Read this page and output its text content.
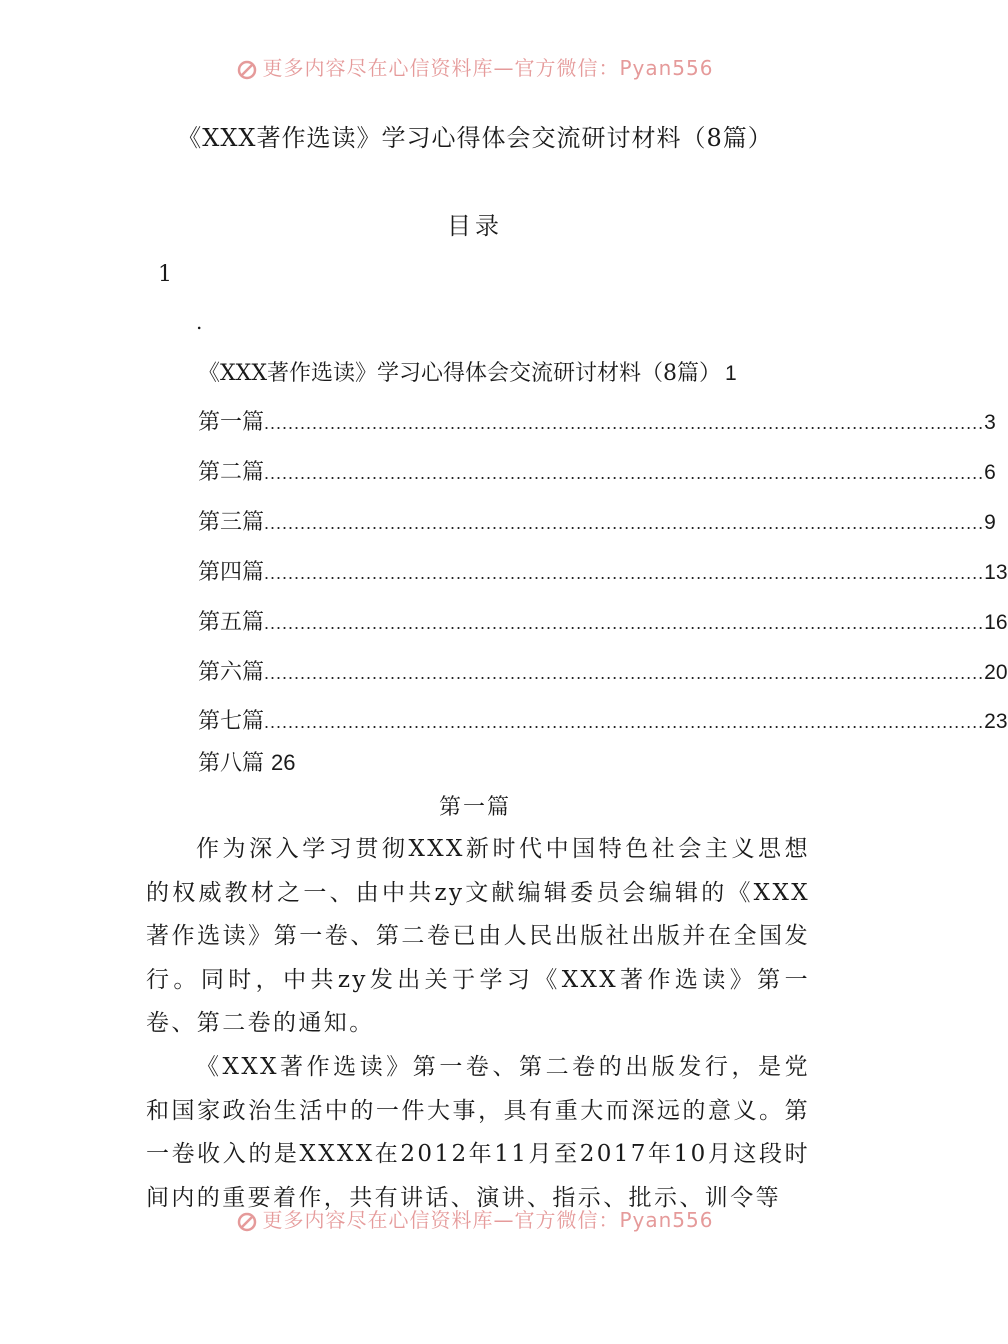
更多内容尽在心信资料库—官方微信：Pyan556
《XXX著作选读》学习心得体会交流研讨材料（8篇）
目录
1
.
《XXX著作选读》学习心得体会交流研讨材料（8篇） 1
第一篇 ........................................................................................................................ 3
第二篇 ........................................................................................................................ 6
第三篇 ........................................................................................................................ 9
第四篇 ........................................................................................................................ 13
第五篇 ........................................................................................................................ 16
第六篇 ........................................................................................................................ 20
第七篇 ........................................................................................................................ 23
第八篇 26
第一篇

作为深入学习贯彻XXX新时代中国特色社会主义思想的权威教材之一、由中共zy文献编辑委员会编辑的《XXX著作选读》第一卷、第二卷已由人民出版社出版并在全国发行。同时，中共zy发出关于学习《XXX著作选读》第一卷、第二卷的通知。

《XXX著作选读》第一卷、第二卷的出版发行，是党和国家政治生活中的一件大事，具有重大而深远的意义。第一卷收入的是XXXX在2012年11月至2017年10月这段时间内的重要着作，共有讲话、演讲、指示、批示、训令等

更多内容尽在心信资料库—官方微信：Pyan556
